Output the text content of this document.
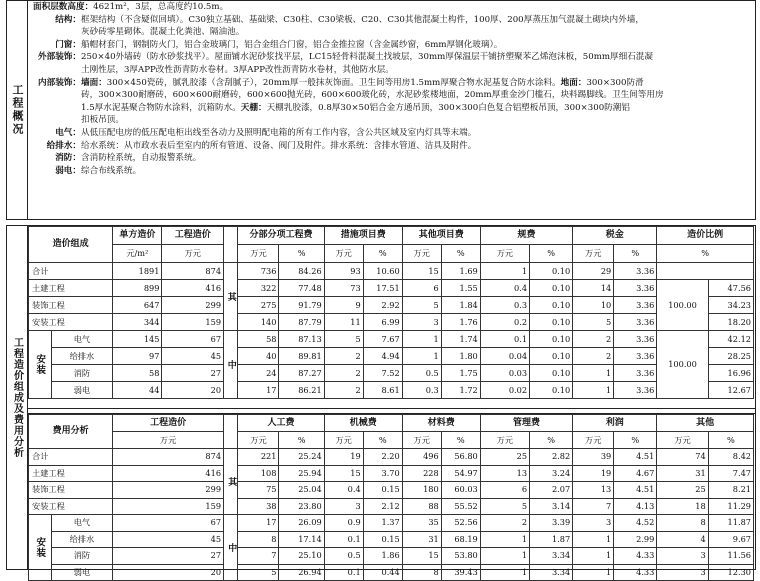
工程概况

面积层数高度：4621m²，3层，总高度约10.5m。

结构：框架结构（不含疑似回填）。C30独立基础、基础梁、C30柱、C30梁板、C20、C30其他混凝土构件，100厚、200厚蒸压加气混凝土砌块内外墙，

灰砂砖零星砌体。混凝土化粪池、隔油池。

门窗：船帽材套门，钢制防火门，铝合金玻璃门，铝合金组合门窗，铝合金推拉窗（含金属纱窗，6mm厚钢化玻璃）。

外部装饰：250×40外墙砖（防水砂浆找平）。屋面铺水泥砂浆找平层，LC15轻骨料混凝土找坡层，30mm厚保温层干铺挤塑聚苯乙烯泡沫板，50mm厚细石混凝

土刚性层，3厚APP改性沥青防水卷材。3厚APP改性沥青防水卷材，其他防水层。

内部装饰：墙面：300×450瓷砖，腻乳胶漆（含刮腻子），20mm厚一般抹灰饰面。卫生间等用房1.5mm厚聚合物水泥基复合防水涂料。地面：300×300防滑

砖，300×300耐磨砖，600×600耐磨砖，600×600抛光砖，600×600玻化砖，水泥砂浆楼地面，20mm厚重金沙门槛石，块料踢脚线。卫生间等用房

1.5厚水泥基聚合物防水涂料，沉箱防水。天棚：天棚乳胶漆，0.8厚30×50铝合金方通吊顶，300×300白色复合铝塑板吊顶，300×300防潮铝

扣板吊顶。

电气：从低压配电房的低压配电柜出线至各动力及照明配电箱的所有工作内容，含公共区域及室内灯具等末端。

给排水：给水系统：从市政水表后至室内的所有管道、设备、阀门及附件。排水系统：含排水管道、洁具及附件。

消防：含消防栓系统，自动报警系统。

弱电：综合布线系统。

工程造价组成及费用分析
造价组成		单方造价	工程造价		分部分项工程费		措施项目费		其他项目费		规费		税金		造价比例	
		元/m²	万元		万元	%	万元	%	万元	%	万元	%	万元	%	%	
合计		1891	874	其	736	84.26	93	10.60	15	1.69	1	0.10	29	3.36		
土建工程		899	416		322	77.48	73	17.51	6	1.55	0.4	0.10	14	3.36	100.00	47.56
装饰工程		647	299		275	91.79	9	2.92	5	1.84	0.3	0.10	10	3.36		34.23
安装工程		344	159		140	87.79	11	6.99	3	1.76	0.2	0.10	5	3.36		18.20
安装	电气	145	67	中	58	87.13	5	7.67	1	1.74	0.1	0.10	2	3.36	100.00	42.12
	给排水	97	45		40	89.81	2	4.94	1	1.80	0.04	0.10	2	3.36		28.25
	消防	58	27		24	87.27	2	7.52	0.5	1.75	0.03	0.10	1	3.36		16.96
	弱电	44	20		17	86.21	2	8.61	0.3	1.72	0.02	0.10	1	3.36		12.67
费用分析		工程造价		人工费		机械费		材料费		管理费		利润		其他	
		万元		万元	%	万元	%	万元	%	万元	%	万元	%	万元	%
合计		874	其	221	25.24	19	2.20	496	56.80	25	2.82	39	4.51	74	8.42
土建工程		416		108	25.94	15	3.70	228	54.97	13	3.24	19	4.67	31	7.47
装饰工程		299		75	25.04	0.4	0.15	180	60.03	6	2.07	13	4.51	25	8.21
安装工程		159		38	23.80	3	2.12	88	55.52	5	3.14	7	4.13	18	11.29
安装	电气	67	中	17	26.09	0.9	1.37	35	52.56	2	3.39	3	4.52	8	11.87
	给排水	45		8	17.14	0.1	0.15	31	68.19	1	1.87	1	2.99	4	9.67
	消防	27		7	25.10	0.5	1.86	15	53.80	1	3.34	1	4.33	3	11.56
	弱电	20		5	26.94	0.1	0.44	8	39.43	1	3.34	1	4.33	3	12.30
